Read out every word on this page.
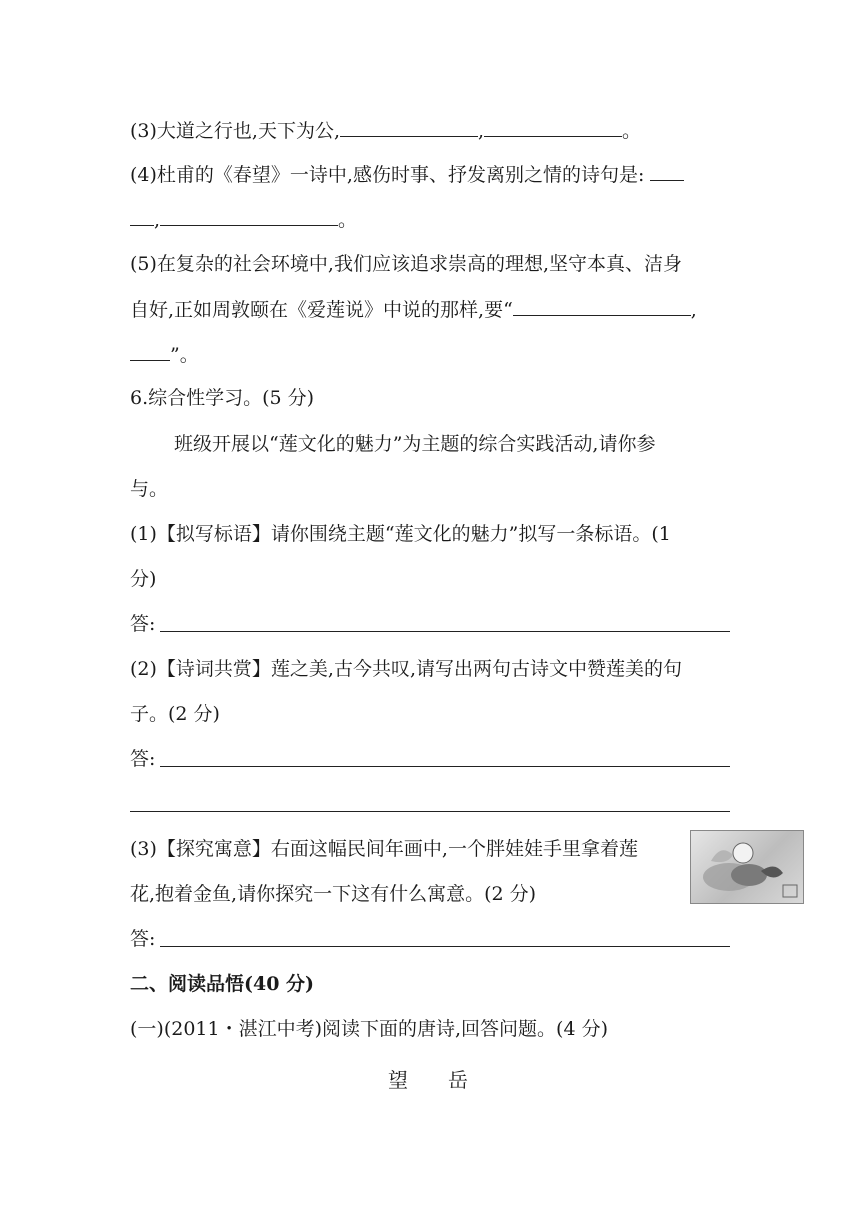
(3)大道之行也,天下为公,	,	。
(4)杜甫的《春望》一诗中,感伤时事、抒发离别之情的诗句是:
,	。
(5)在复杂的社会环境中,我们应该追求崇高的理想,坚守本真、洁身
自好,正如周敦颐在《爱莲说》中说的那样,要“	,
”。
6.综合性学习。(5 分)
班级开展以“莲文化的魅力”为主题的综合实践活动,请你参
与。
(1)【拟写标语】请你围绕主题“莲文化的魅力”拟写一条标语。(1
分)
答:
(2)【诗词共赏】莲之美,古今共叹,请写出两句古诗文中赞莲美的句
子。(2 分)
答:
(3)【探究寓意】右面这幅民间年画中,一个胖娃娃手里拿着莲
花,抱着金鱼,请你探究一下这有什么寓意。(2 分)
答:
二、阅读品悟(40 分)
(一)(2011・湛江中考)阅读下面的唐诗,回答问题。(4 分)
望 岳
